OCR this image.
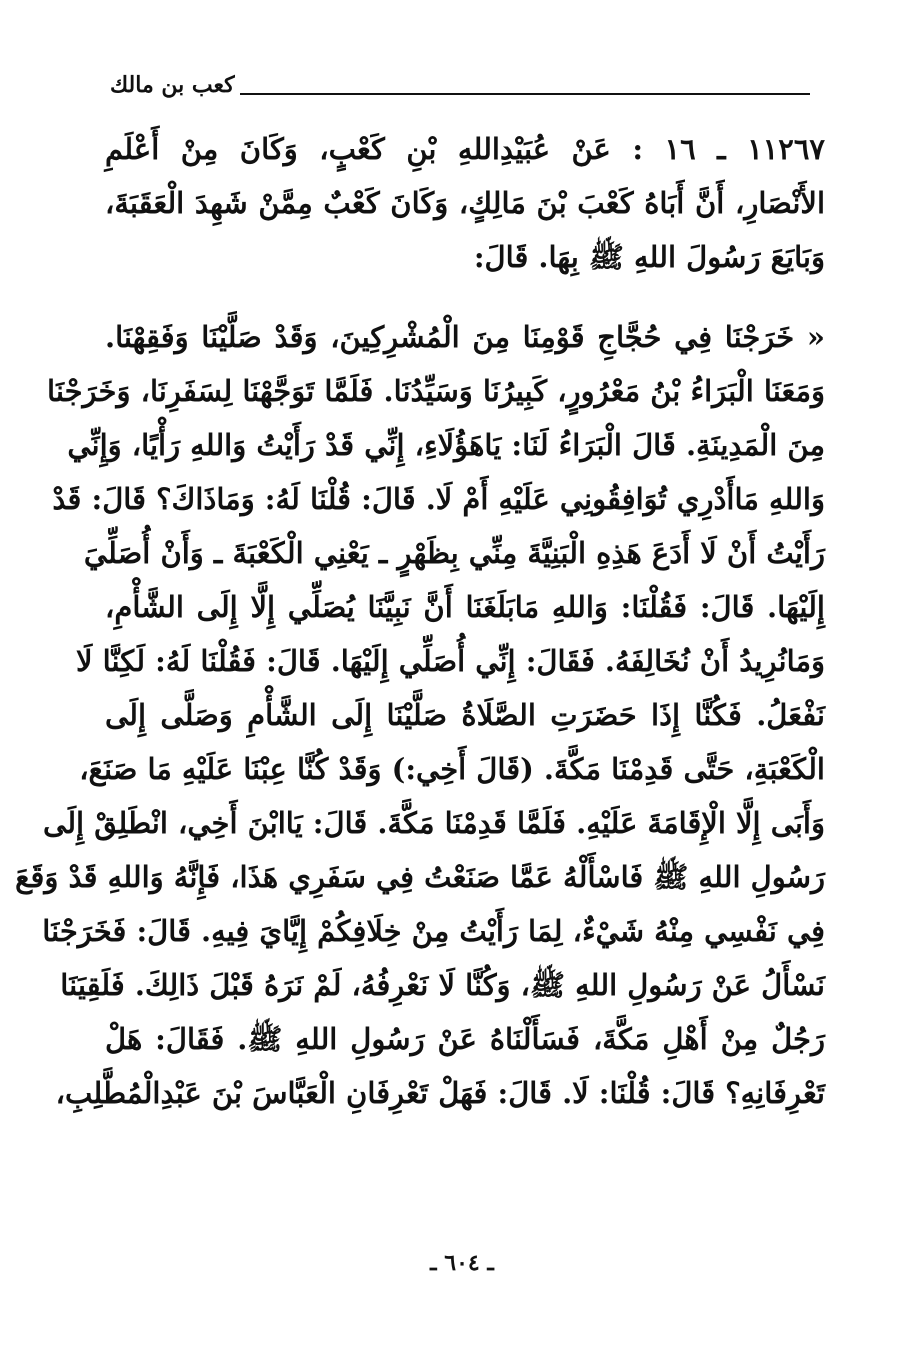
كعب بن مالك
١١٢٦٧ ـ ١٦ : عَنْ عُبَيْدِاللهِ بْنِ كَعْبٍ، وَكَانَ مِنْ أَعْلَمِ
الأَنْصَارِ، أَنَّ أَبَاهُ كَعْبَ بْنَ مَالِكٍ، وَكَانَ كَعْبٌ مِمَّنْ شَهِدَ الْعَقَبَةَ،
وَبَايَعَ رَسُولَ اللهِ ﷺ بِهَا. قَالَ:
« خَرَجْنَا فِي حُجَّاجِ قَوْمِنَا مِنَ الْمُشْرِكِينَ، وَقَدْ صَلَّيْنَا وَفَقِهْنَا.
وَمَعَنَا الْبَرَاءُ بْنُ مَعْرُورٍ، كَبِيرُنَا وَسَيِّدُنَا. فَلَمَّا تَوَجَّهْنَا لِسَفَرِنَا، وَخَرَجْنَا
مِنَ الْمَدِينَةِ. قَالَ الْبَرَاءُ لَنَا: يَاهَؤُلَاءِ، إِنِّي قَدْ رَأَيْتُ وَاللهِ رَأْيًا، وَإِنِّي
وَاللهِ مَاأَدْرِي تُوَافِقُونِي عَلَيْهِ أَمْ لَا. قَالَ: قُلْنَا لَهُ: وَمَاذَاكَ؟ قَالَ: قَدْ
رَأَيْتُ أَنْ لَا أَدَعَ هَذِهِ الْبَنِيَّةَ مِنِّي بِظَهْرٍ ـ يَعْنِي الْكَعْبَةَ ـ وَأَنْ أُصَلِّيَ
إِلَيْهَا. قَالَ: فَقُلْنَا: وَاللهِ مَابَلَغَنَا أَنَّ نَبِيَّنَا يُصَلِّي إِلَّا إِلَى الشَّأْمِ،
وَمَانُرِيدُ أَنْ نُخَالِفَهُ. فَقَالَ: إِنِّي أُصَلِّي إِلَيْهَا. قَالَ: فَقُلْنَا لَهُ: لَكِنَّا لَا
نَفْعَلُ. فَكُنَّا إِذَا حَضَرَتِ الصَّلَاةُ صَلَّيْنَا إِلَى الشَّأْمِ وَصَلَّى إِلَى
الْكَعْبَةِ، حَتَّى قَدِمْنَا مَكَّةَ. (قَالَ أَخِي:) وَقَدْ كُنَّا عِبْنَا عَلَيْهِ مَا صَنَعَ،
وَأَبَى إِلَّا الْإِقَامَةَ عَلَيْهِ. فَلَمَّا قَدِمْنَا مَكَّةَ. قَالَ: يَاابْنَ أَخِي، انْطَلِقْ إِلَى
رَسُولِ اللهِ ﷺ فَاسْأَلْهُ عَمَّا صَنَعْتُ فِي سَفَرِي هَذَا، فَإِنَّهُ وَاللهِ قَدْ وَقَعَ
فِي نَفْسِي مِنْهُ شَيْءٌ، لِمَا رَأَيْتُ مِنْ خِلَافِكُمْ إِيَّايَ فِيهِ. قَالَ: فَخَرَجْنَا
نَسْأَلُ عَنْ رَسُولِ اللهِ ﷺ، وَكُنَّا لَا نَعْرِفُهُ، لَمْ نَرَهُ قَبْلَ ذَالِكَ. فَلَقِيَنَا
رَجُلٌ مِنْ أَهْلِ مَكَّةَ، فَسَأَلْنَاهُ عَنْ رَسُولِ اللهِ ﷺ. فَقَالَ: هَلْ
تَعْرِفَانِهِ؟ قَالَ: قُلْنَا: لَا. قَالَ: فَهَلْ تَعْرِفَانِ الْعَبَّاسَ بْنَ عَبْدِالْمُطَّلِبِ،
ـ ٦٠٤ ـ
